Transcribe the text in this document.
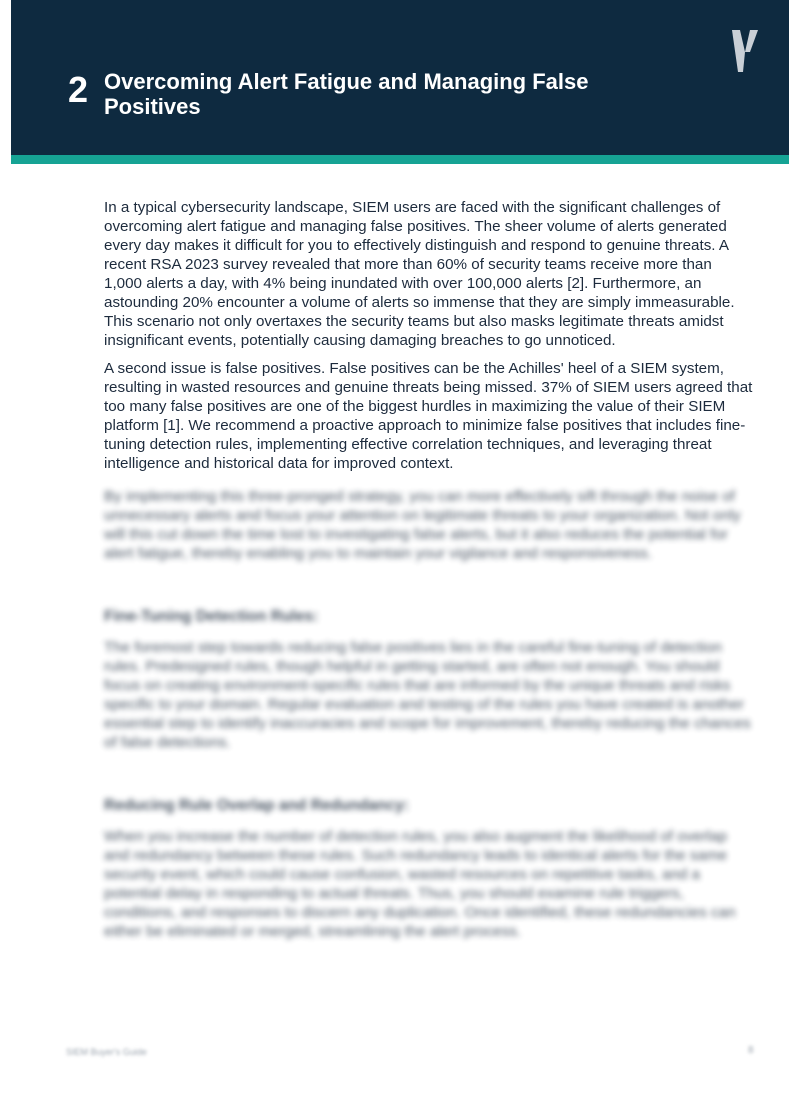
2 Overcoming Alert Fatigue and Managing False Positives

In a typical cybersecurity landscape, SIEM users are faced with the significant challenges of overcoming alert fatigue and managing false positives. The sheer volume of alerts generated every day makes it difficult for you to effectively distinguish and respond to genuine threats. A recent RSA 2023 survey revealed that more than 60% of security teams receive more than 1,000 alerts a day, with 4% being inundated with over 100,000 alerts [2]. Furthermore, an astounding 20% encounter a volume of alerts so immense that they are simply immeasurable. This scenario not only overtaxes the security teams but also masks legitimate threats amidst insignificant events, potentially causing damaging breaches to go unnoticed.

A second issue is false positives. False positives can be the Achilles' heel of a SIEM system, resulting in wasted resources and genuine threats being missed. 37% of SIEM users agreed that too many false positives are one of the biggest hurdles in maximizing the value of their SIEM platform [1]. We recommend a proactive approach to minimize false positives that includes fine-tuning detection rules, implementing effective correlation techniques, and leveraging threat intelligence and historical data for improved context.

By implementing this three-pronged strategy, you can more effectively sift through the noise of unnecessary alerts and focus your attention on legitimate threats to your organization. Not only will this cut down the time lost to investigating false alerts, but it also reduces the potential for alert fatigue, thereby enabling you to maintain your vigilance and responsiveness.

Fine-Tuning Detection Rules:

The foremost step towards reducing false positives lies in the careful fine-tuning of detection rules. Predesigned rules, though helpful in getting started, are often not enough. You should focus on creating environment-specific rules that are informed by the unique threats and risks specific to your domain. Regular evaluation and testing of the rules you have created is another essential step to identify inaccuracies and scope for improvement, thereby reducing the chances of false detections.

Reducing Rule Overlap and Redundancy:

When you increase the number of detection rules, you also augment the likelihood of overlap and redundancy between these rules. Such redundancy leads to identical alerts for the same security event, which could cause confusion, wasted resources on repetitive tasks, and a potential delay in responding to actual threats. Thus, you should examine rule triggers, conditions, and responses to discern any duplication. Once identified, these redundancies can either be eliminated or merged, streamlining the alert process.

SIEM Buyer's Guide	8
